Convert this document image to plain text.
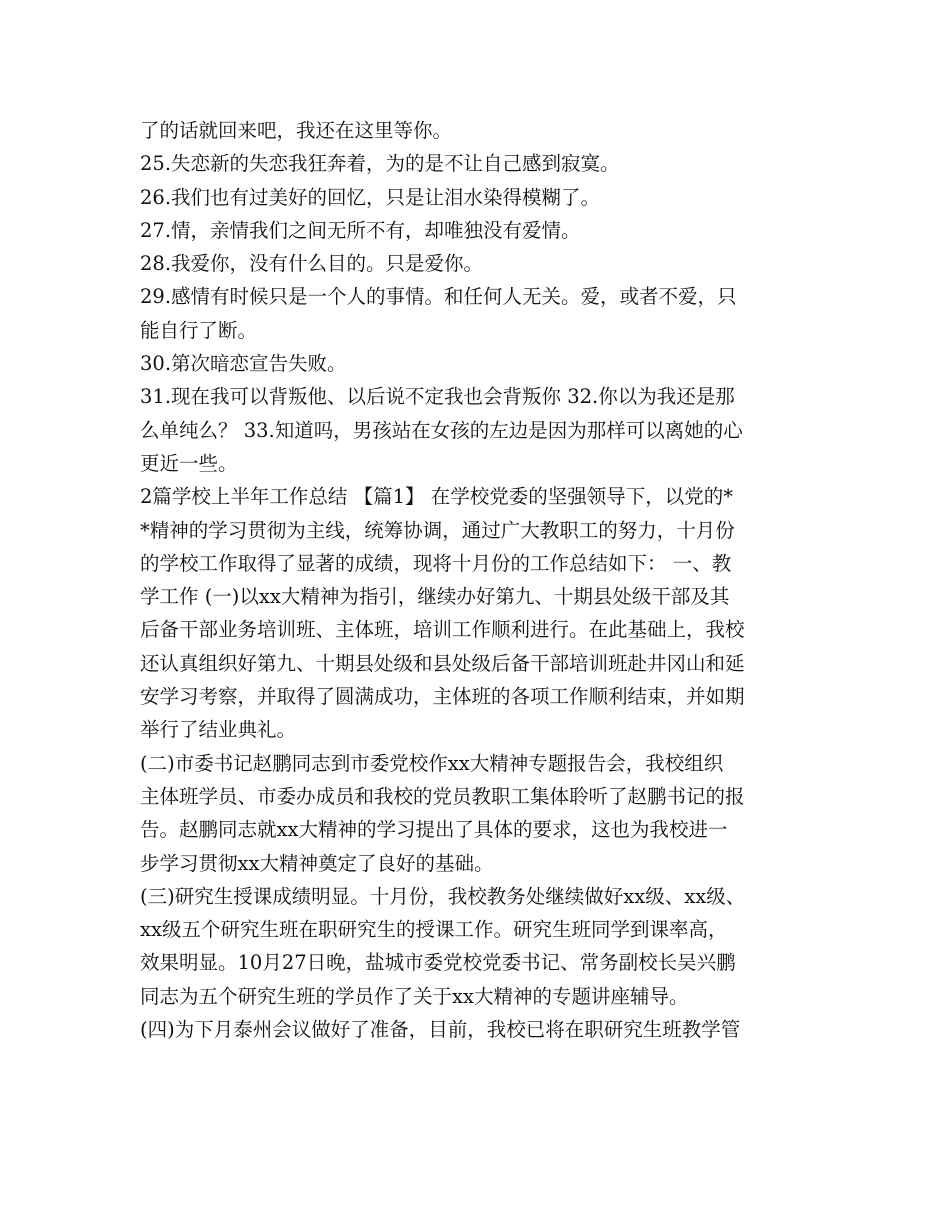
了的话就回来吧，我还在这里等你。
25.失恋新的失恋我狂奔着，为的是不让自己感到寂寞。
26.我们也有过美好的回忆，只是让泪水染得模糊了。
27.情，亲情我们之间无所不有，却唯独没有爱情。
28.我爱你，没有什么目的。只是爱你。
29.感情有时候只是一个人的事情。和任何人无关。爱，或者不爱，只
能自行了断。
30.第次暗恋宣告失败。
31.现在我可以背叛他、以后说不定我也会背叛你 32.你以为我还是那
么单纯么？ 33.知道吗，男孩站在女孩的左边是因为那样可以离她的心
更近一些。
2篇学校上半年工作总结 【篇1】 在学校党委的坚强领导下，以党的*
*精神的学习贯彻为主线，统筹协调，通过广大教职工的努力，十月份
的学校工作取得了显著的成绩，现将十月份的工作总结如下： 一、教
学工作 (一)以xx大精神为指引，继续办好第九、十期县处级干部及其
后备干部业务培训班、主体班，培训工作顺利进行。在此基础上，我校
还认真组织好第九、十期县处级和县处级后备干部培训班赴井冈山和延
安学习考察，并取得了圆满成功，主体班的各项工作顺利结束，并如期
举行了结业典礼。
(二)市委书记赵鹏同志到市委党校作xx大精神专题报告会，我校组织
主体班学员、市委办成员和我校的党员教职工集体聆听了赵鹏书记的报
告。赵鹏同志就xx大精神的学习提出了具体的要求，这也为我校进一
步学习贯彻xx大精神奠定了良好的基础。
(三)研究生授课成绩明显。十月份，我校教务处继续做好xx级、xx级、
xx级五个研究生班在职研究生的授课工作。研究生班同学到课率高，
效果明显。10月27日晚，盐城市委党校党委书记、常务副校长吴兴鹏
同志为五个研究生班的学员作了关于xx大精神的专题讲座辅导。
(四)为下月泰州会议做好了准备，目前，我校已将在职研究生班教学管
